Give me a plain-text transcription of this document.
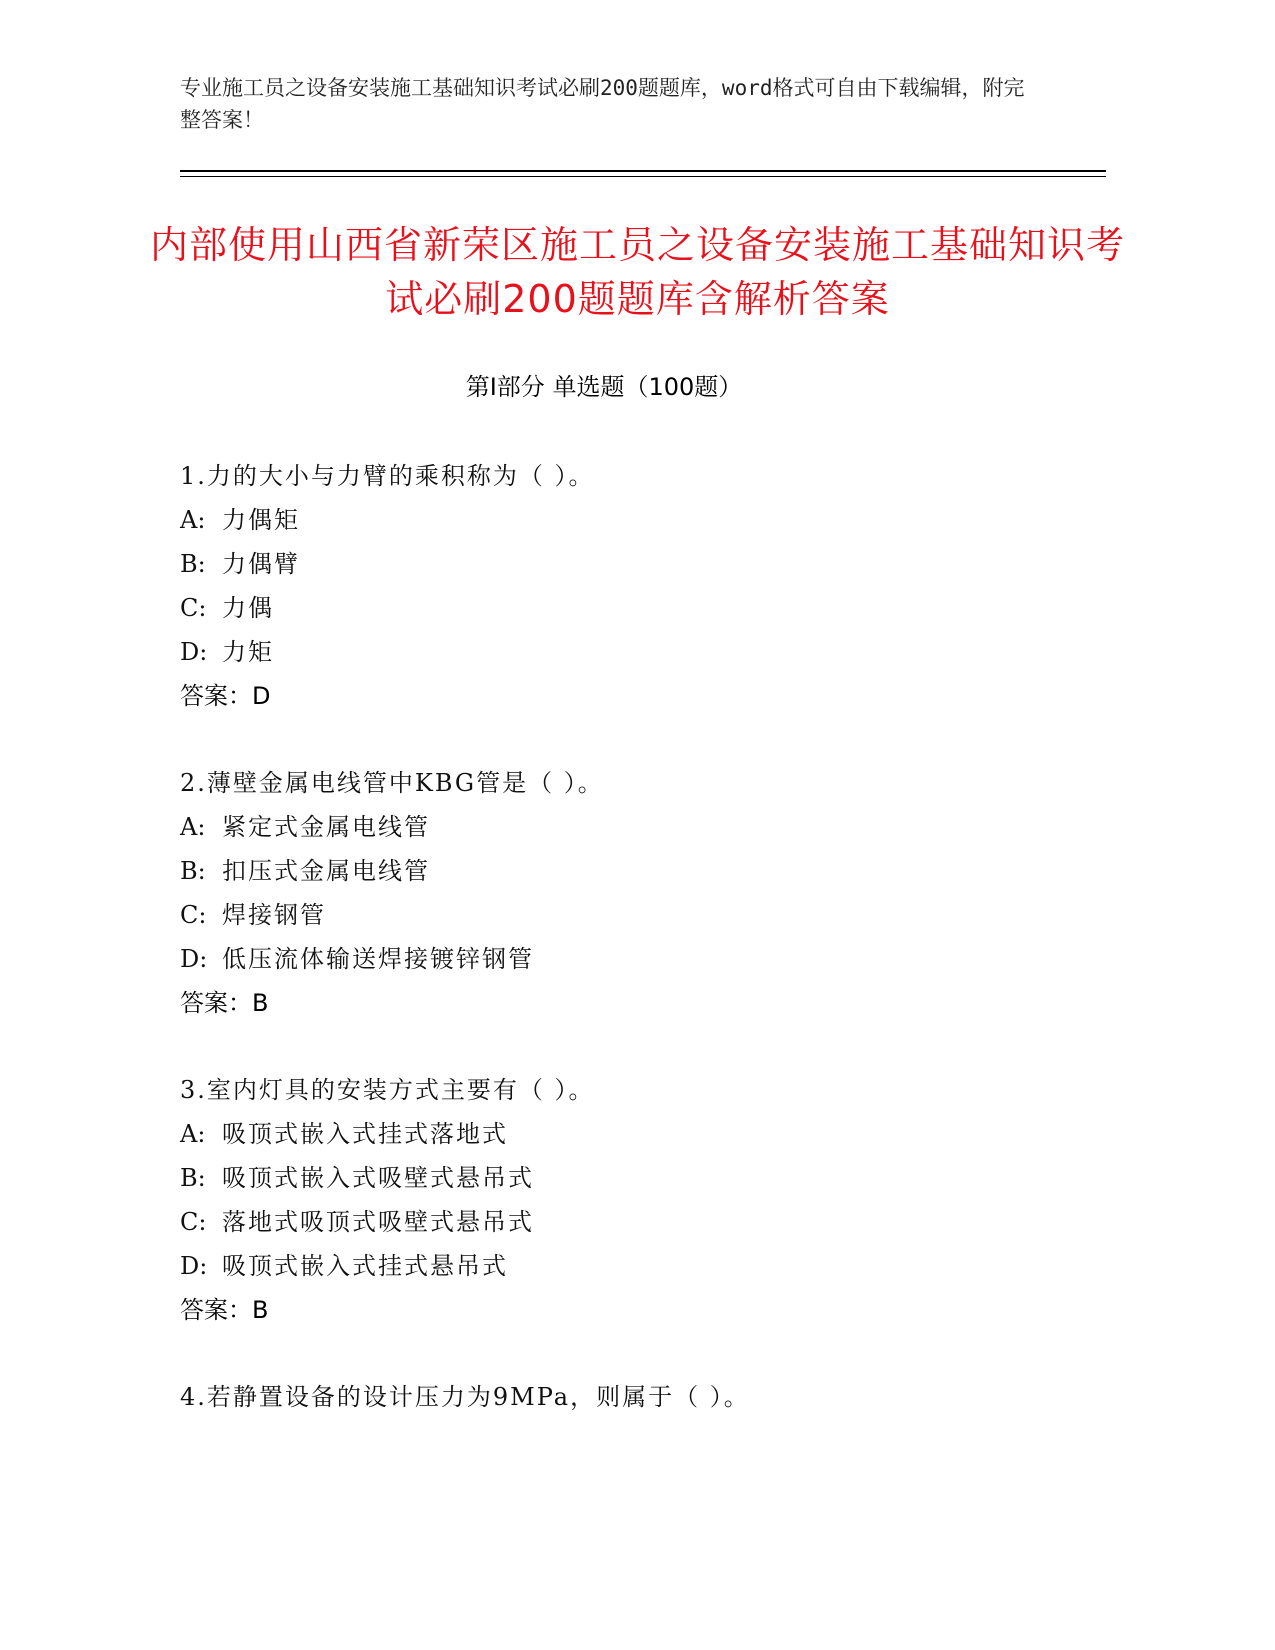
专业施工员之设备安装施工基础知识考试必刷200题题库，word格式可自由下载编辑，附完整答案！
内部使用山西省新荣区施工员之设备安装施工基础知识考试必刷200题题库含解析答案
第Ⅰ部分 单选题（100题）
1.力的大小与力臂的乘积称为（ ）。
A: 力偶矩
B: 力偶臂
C: 力偶
D: 力矩
答案：D
2.薄壁金属电线管中KBG管是（ ）。
A: 紧定式金属电线管
B: 扣压式金属电线管
C: 焊接钢管
D: 低压流体输送焊接镀锌钢管
答案：B
3.室内灯具的安装方式主要有（ ）。
A: 吸顶式嵌入式挂式落地式
B: 吸顶式嵌入式吸壁式悬吊式
C: 落地式吸顶式吸壁式悬吊式
D: 吸顶式嵌入式挂式悬吊式
答案：B
4.若静置设备的设计压力为9MPa，则属于（ ）。
